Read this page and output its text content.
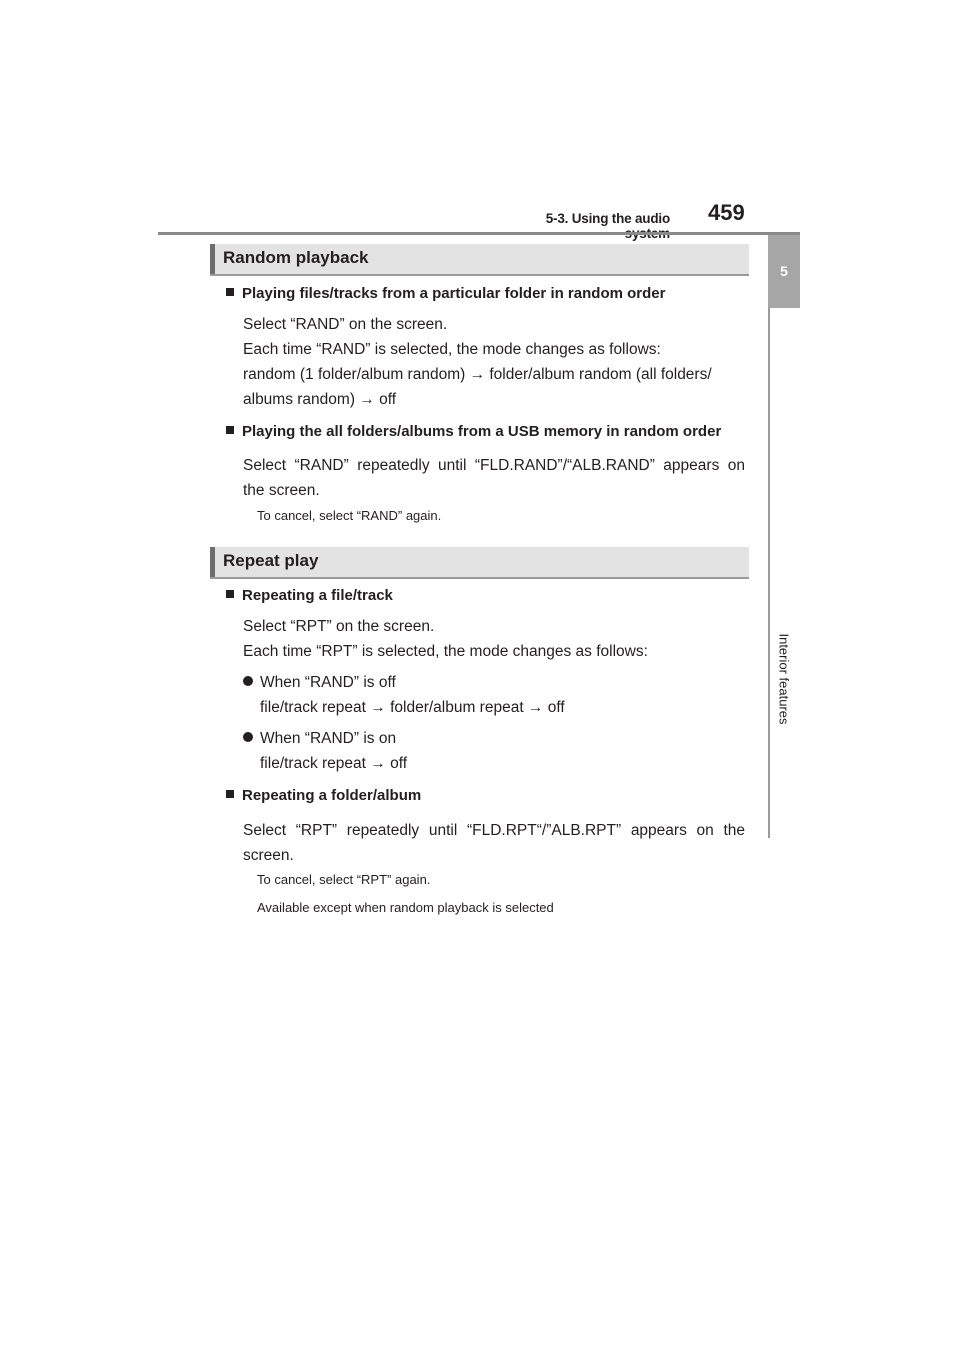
5-3. Using the audio 459
5
Interior features
Random playback
Playing files/tracks from a particular folder in random order
Select “RAND” on the screen.
Each time “RAND” is selected, the mode changes as follows:
random (1 folder/album random) → folder/album random (all folders/
albums random) → off
Playing the all folders/albums from a USB memory in random order
Select “RAND” repeatedly until “FLD.RAND”/“ALB.RAND” appears on the screen.
To cancel, select “RAND” again.
Repeat play
Repeating a file/track
Select “RPT” on the screen.
Each time “RPT” is selected, the mode changes as follows:
When “RAND” is off
file/track repeat → folder/album repeat → off
When “RAND” is on
file/track repeat → off
Repeating a folder/album
Select “RPT” repeatedly until “FLD.RPT“/”ALB.RPT” appears on the screen.
To cancel, select “RPT” again.
Available except when random playback is selected
